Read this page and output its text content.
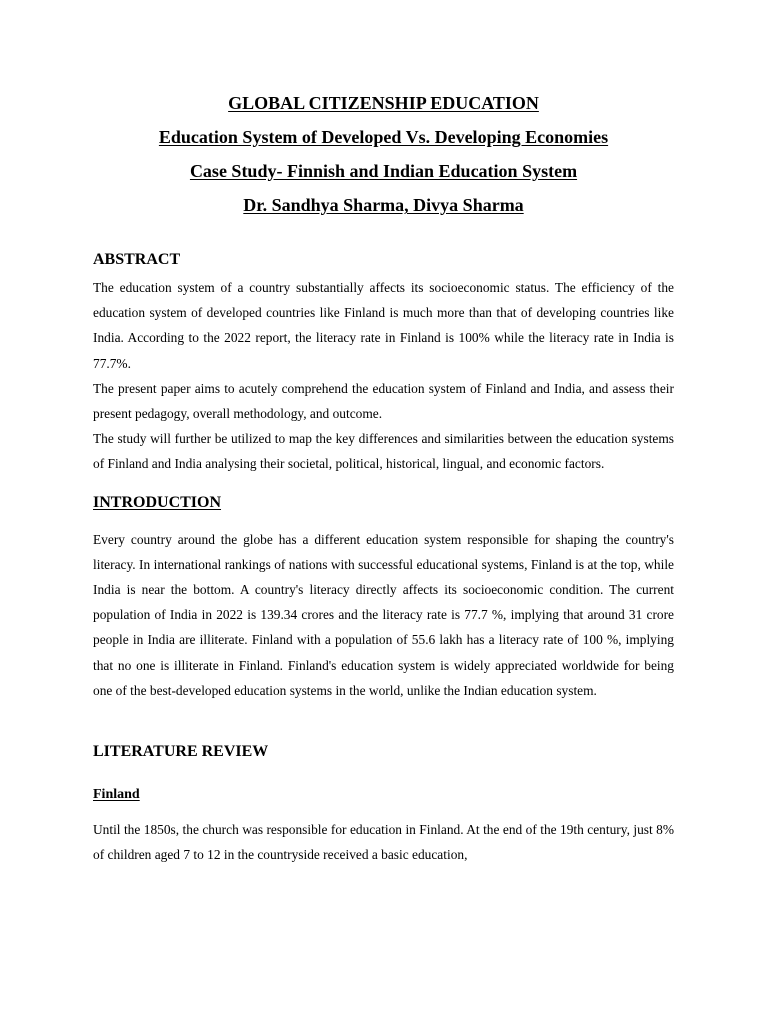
GLOBAL CITIZENSHIP EDUCATION
Education System of Developed Vs. Developing Economies
Case Study- Finnish and Indian Education System
Dr. Sandhya Sharma, Divya Sharma
ABSTRACT

The education system of a country substantially affects its socioeconomic status. The efficiency of the education system of developed countries like Finland is much more than that of developing countries like India. According to the 2022 report, the literacy rate in Finland is 100% while the literacy rate in India is 77.7%.

The present paper aims to acutely comprehend the education system of Finland and India, and assess their present pedagogy, overall methodology, and outcome.

The study will further be utilized to map the key differences and similarities between the education systems of Finland and India analysing their societal, political, historical, lingual, and economic factors.

INTRODUCTION

Every country around the globe has a different education system responsible for shaping the country's literacy. In international rankings of nations with successful educational systems, Finland is at the top, while India is near the bottom. A country's literacy directly affects its socioeconomic condition. The current population of India in 2022 is 139.34 crores and the literacy rate is 77.7 %, implying that around 31 crore people in India are illiterate. Finland with a population of 55.6 lakh has a literacy rate of 100 %, implying that no one is illiterate in Finland. Finland's education system is widely appreciated worldwide for being one of the best-developed education systems in the world, unlike the Indian education system.

LITERATURE REVIEW
Finland

Until the 1850s, the church was responsible for education in Finland. At the end of the 19th century, just 8% of children aged 7 to 12 in the countryside received a basic education,
